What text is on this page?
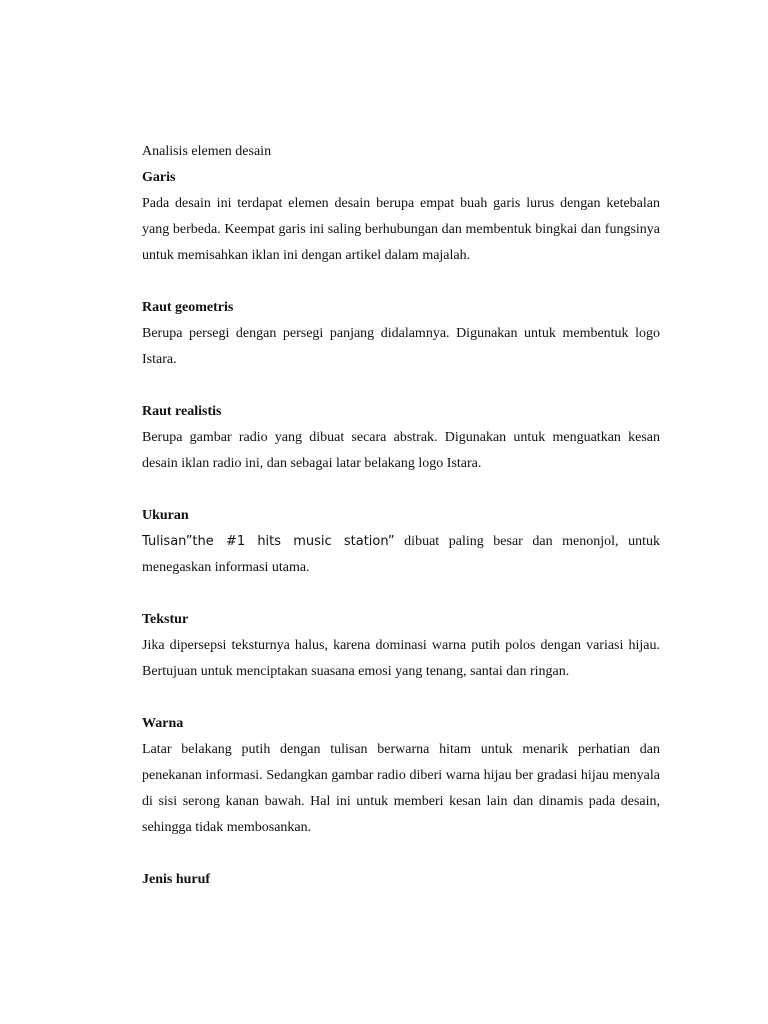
Analisis elemen desain

Garis

Pada desain ini terdapat elemen desain berupa empat buah garis lurus dengan ketebalan yang berbeda. Keempat garis ini saling berhubungan dan membentuk bingkai dan fungsinya untuk memisahkan iklan ini dengan artikel dalam majalah.

Raut geometris

Berupa persegi dengan persegi panjang didalamnya. Digunakan untuk membentuk logo Istara.

Raut realistis

Berupa gambar radio yang dibuat secara abstrak. Digunakan untuk menguatkan kesan desain iklan radio ini, dan sebagai latar belakang logo Istara.

Ukuran

Tulisan”the #1 hits music station” dibuat paling besar dan menonjol, untuk menegaskan informasi utama.

Tekstur

Jika dipersepsi teksturnya halus, karena dominasi warna putih polos dengan variasi hijau. Bertujuan untuk menciptakan suasana emosi yang tenang, santai dan ringan.

Warna

Latar belakang putih dengan tulisan berwarna hitam untuk menarik perhatian dan penekanan informasi. Sedangkan gambar radio diberi warna hijau ber gradasi hijau menyala di sisi serong kanan bawah. Hal ini untuk memberi kesan lain dan dinamis pada desain, sehingga tidak membosankan.

Jenis huruf
